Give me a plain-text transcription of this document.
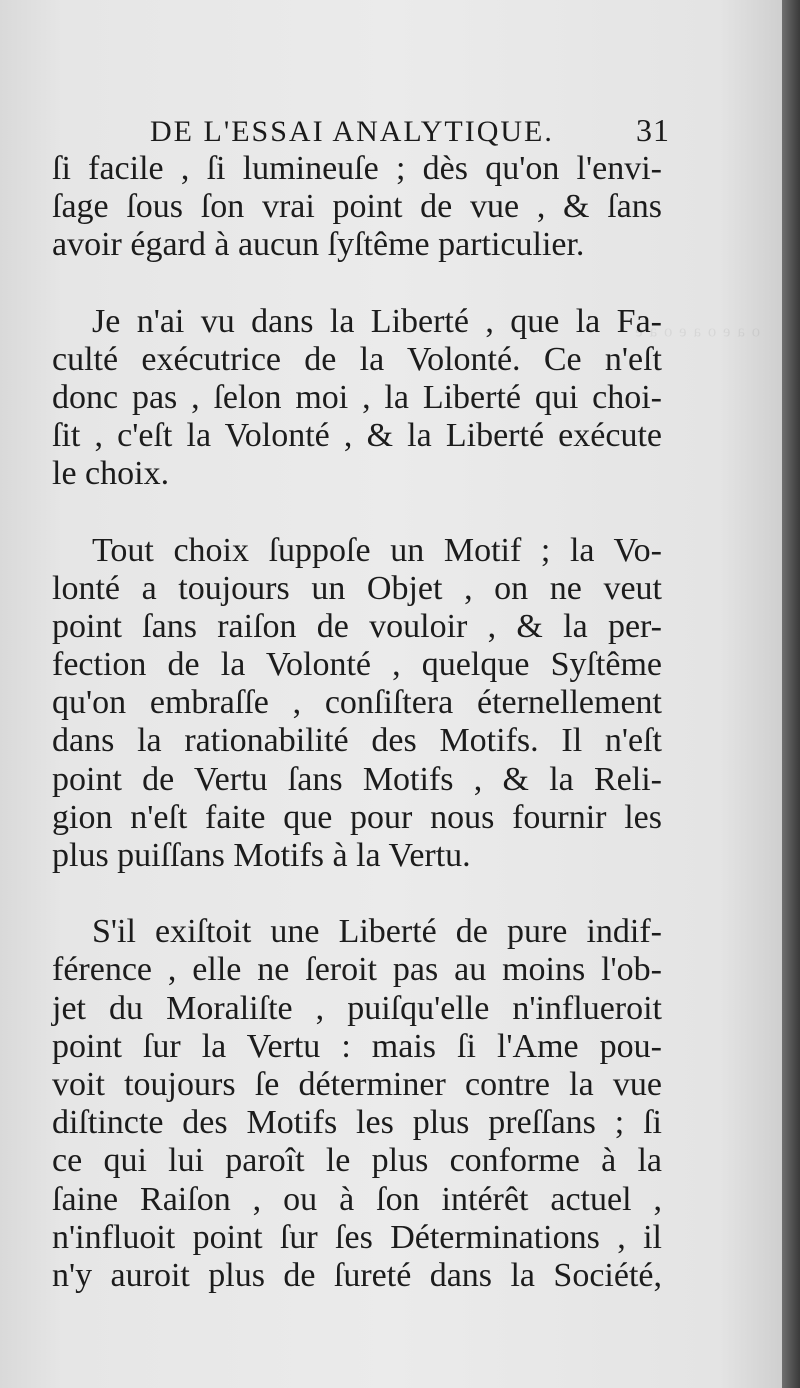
ᵒ ᵃ ᵉ ᵒ ᵃ ᵉ ᵒ ᵃ ᵉ
DE L'ESSAI ANALYTIQUE.	31
ſi facile , ſi lumineuſe ; dès qu'on l'envi-
ſage ſous ſon vrai point de vue , & ſans
avoir égard à aucun ſyſtême particulier.
Je n'ai vu dans la Liberté , que la Fa-
culté exécutrice de la Volonté. Ce n'eſt
donc pas , ſelon moi , la Liberté qui choi-
ſit , c'eſt la Volonté , & la Liberté exécute
le choix.
Tout choix ſuppoſe un Motif ; la Vo-
lonté a toujours un Objet , on ne veut
point ſans raiſon de vouloir , & la per-
fection de la Volonté , quelque Syſtême
qu'on embraſſe , conſiſtera éternellement
dans la rationabilité des Motifs. Il n'eſt
point de Vertu ſans Motifs , & la Reli-
gion n'eſt faite que pour nous fournir les
plus puiſſans Motifs à la Vertu.
S'il exiſtoit une Liberté de pure indif-
férence , elle ne ſeroit pas au moins l'ob-
jet du Moraliſte , puiſqu'elle n'influeroit
point ſur la Vertu : mais ſi l'Ame pou-
voit toujours ſe déterminer contre la vue
diſtincte des Motifs les plus preſſans ; ſi
ce qui lui paroît le plus conforme à la
ſaine Raiſon , ou à ſon intérêt actuel ,
n'influoit point ſur ſes Déterminations , il
n'y auroit plus de ſureté dans la Société,
